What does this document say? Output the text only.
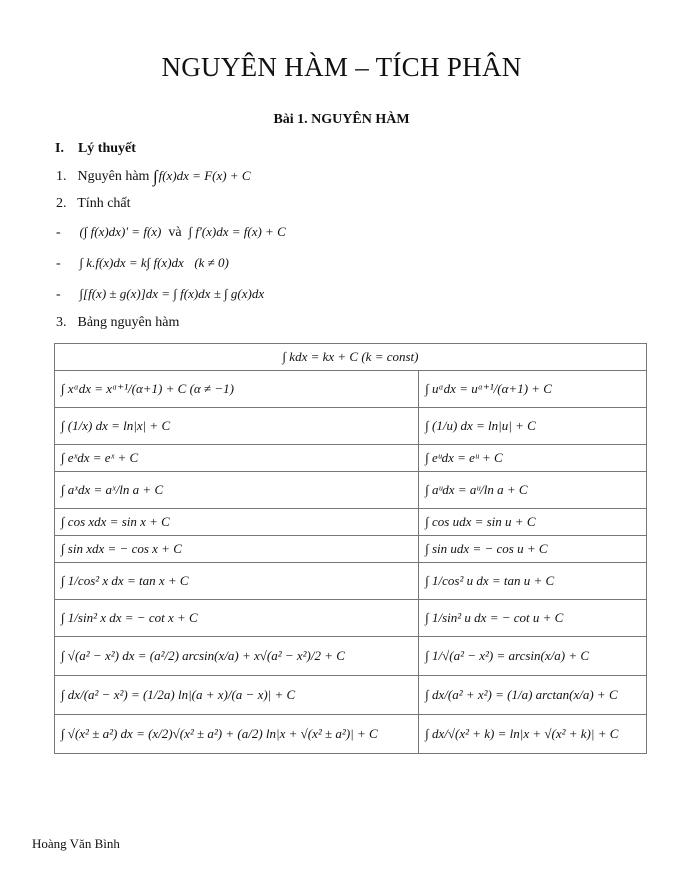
NGUYÊN HÀM – TÍCH PHÂN
Bài 1. NGUYÊN HÀM
I. Lý thuyết
1. Nguyên hàm ∫f(x)dx = F(x) + C
2. Tính chất
- (∫ f(x)dx)' = f(x) và ∫ f'(x)dx = f(x) + C
- ∫ k.f(x)dx = k∫ f(x)dx (k ≠ 0)
- ∫[f(x) ± g(x)]dx = ∫ f(x)dx ± ∫ g(x)dx
3. Bảng nguyên hàm
∫ kdx = kx + C (k = const)	
∫ xᵅdx = xᵅ⁺¹/(α+1) + C (α ≠ −1)	∫ uᵅdx = uᵅ⁺¹/(α+1) + C
∫ (1/x) dx = ln|x| + C	∫ (1/u) dx = ln|u| + C
∫ eˣdx = eˣ + C	∫ eᵘdx = eᵘ + C
∫ aˣdx = aˣ/ln a + C	∫ aᵘdx = aᵘ/ln a + C
∫ cos xdx = sin x + C	∫ cos udx = sin u + C
∫ sin xdx = − cos x + C	∫ sin udx = − cos u + C
∫ 1/cos² x dx = tan x + C	∫ 1/cos² u dx = tan u + C
∫ 1/sin² x dx = − cot x + C	∫ 1/sin² u dx = − cot u + C
∫ √(a² − x²) dx = (a²/2) arcsin(x/a) + x√(a² − x²)/2 + C	∫ 1/√(a² − x²) = arcsin(x/a) + C
∫ dx/(a² − x²) = (1/2a) ln|(a + x)/(a − x)| + C	∫ dx/(a² + x²) = (1/a) arctan(x/a) + C
∫ √(x² ± a²) dx = (x/2)√(x² ± a²) + (a/2) ln|x + √(x² ± a²)| + C	∫ dx/√(x² + k) = ln|x + √(x² + k)| + C
Hoàng Văn Bình
